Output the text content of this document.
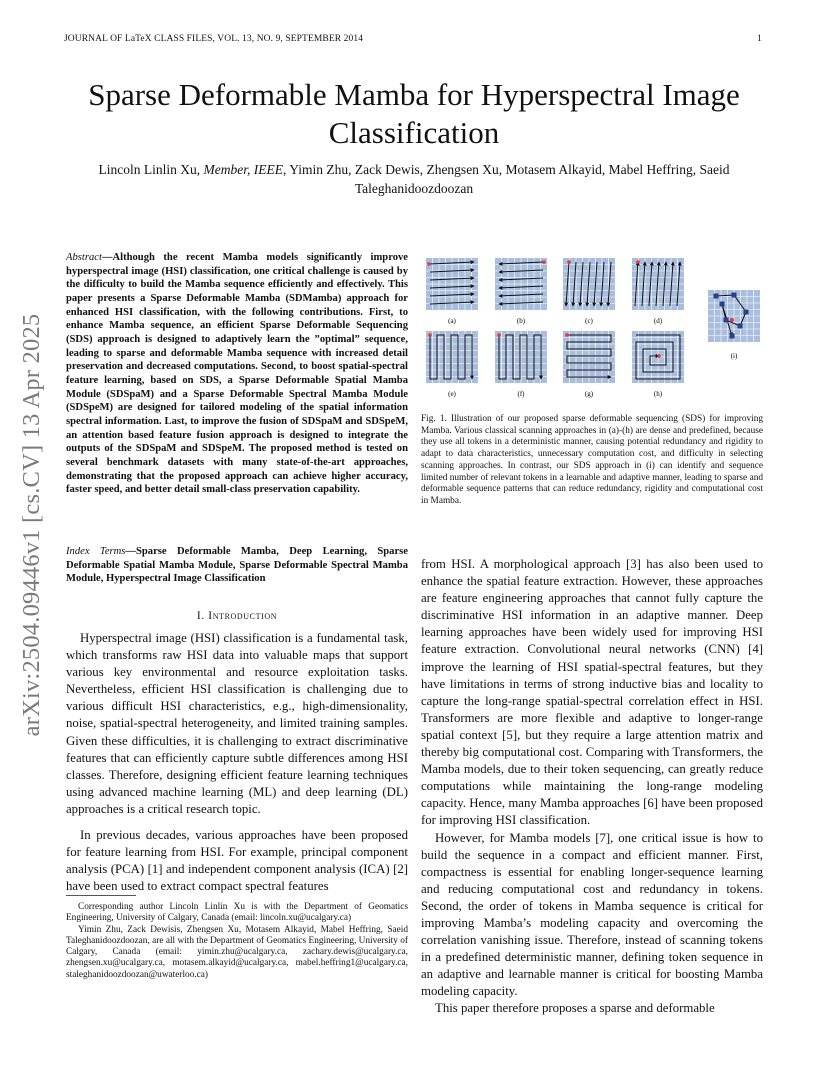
JOURNAL OF LaTeX CLASS FILES, VOL. 13, NO. 9, SEPTEMBER 2014	1
arXiv:2504.09446v1 [cs.CV] 13 Apr 2025
Sparse Deformable Mamba for Hyperspectral Image Classification
Lincoln Linlin Xu, Member, IEEE, Yimin Zhu, Zack Dewis, Zhengsen Xu, Motasem Alkayid, Mabel Heffring, Saeid Taleghanidoozdoozan
Abstract—Although the recent Mamba models significantly improve hyperspectral image (HSI) classification, one critical challenge is caused by the difficulty to build the Mamba sequence efficiently and effectively. This paper presents a Sparse Deformable Mamba (SDMamba) approach for enhanced HSI classification, with the following contributions. First, to enhance Mamba sequence, an efficient Sparse Deformable Sequencing (SDS) approach is designed to adaptively learn the ”optimal” sequence, leading to sparse and deformable Mamba sequence with increased detail preservation and decreased computations. Second, to boost spatial-spectral feature learning, based on SDS, a Sparse Deformable Spatial Mamba Module (SDSpaM) and a Sparse Deformable Spectral Mamba Module (SDSpeM) are designed for tailored modeling of the spatial information spectral information. Last, to improve the fusion of SDSpaM and SDSpeM, an attention based feature fusion approach is designed to integrate the outputs of the SDSpaM and SDSpeM. The proposed method is tested on several benchmark datasets with many state-of-the-art approaches, demonstrating that the proposed approach can achieve higher accuracy, faster speed, and better detail small-class preservation capability.
Index Terms—Sparse Deformable Mamba, Deep Learning, Sparse Deformable Spatial Mamba Module, Sparse Deformable Spectral Mamba Module, Hyperspectral Image Classification
I. Introduction

Hyperspectral image (HSI) classification is a fundamental task, which transforms raw HSI data into valuable maps that support various key environmental and resource exploitation tasks. Nevertheless, efficient HSI classification is challenging due to various difficult HSI characteristics, e.g., high-dimensionality, noise, spatial-spectral heterogeneity, and limited training samples. Given these difficulties, it is challenging to extract discriminative features that can efficiently capture subtle differences among HSI classes. Therefore, designing efficient feature learning techniques using advanced machine learning (ML) and deep learning (DL) approaches is a critical research topic.

In previous decades, various approaches have been proposed for feature learning from HSI. For example, principal component analysis (PCA) [1] and independent component analysis (ICA) [2] have been used to extract compact spectral features

Corresponding author Lincoln Linlin Xu is with the Department of Geomatics Engineering, University of Calgary, Canada (email: lincoln.xu@ucalgary.ca)

Yimin Zhu, Zack Dewisis, Zhengsen Xu, Motasem Alkayid, Mabel Heffring, Saeid Taleghanidoozdoozan, are all with the Department of Geomatics Engineering, University of Calgary, Canada (email: yimin.zhu@ucalgary.ca, zachary.dewis@ucalgary.ca, zhengsen.xu@ucalgary.ca, motasem.alkayid@ucalgary.ca, mabel.heffring1@ucalgary.ca, staleghanidoozdoozan@uwaterloo.ca)

(a)	(b)	(c)	(d)
(e)	(f)	(g)	(h)
(i)
Fig. 1. Illustration of our proposed sparse deformable sequencing (SDS) for improving Mamba. Various classical scanning approaches in (a)-(h) are dense and predefined, because they use all tokens in a deterministic manner, causing potential redundancy and rigidity to adapt to data characteristics, unnecessary computation cost, and difficulty in selecting scanning approaches. In contrast, our SDS approach in (i) can identify and sequence limited number of relevant tokens in a learnable and adaptive manner, leading to sparse and deformable sequence patterns that can reduce redundancy, rigidity and computational cost in Mamba.

from HSI. A morphological approach [3] has also been used to enhance the spatial feature extraction. However, these approaches are feature engineering approaches that cannot fully capture the discriminative HSI information in an adaptive manner. Deep learning approaches have been widely used for improving HSI feature extraction. Convolutional neural networks (CNN) [4] improve the learning of HSI spatial-spectral features, but they have limitations in terms of strong inductive bias and locality to capture the long-range spatial-spectral correlation effect in HSI. Transformers are more flexible and adaptive to longer-range spatial context [5], but they require a large attention matrix and thereby big computational cost. Comparing with Transformers, the Mamba models, due to their token sequencing, can greatly reduce computations while maintaining the long-range modeling capacity. Hence, many Mamba approaches [6] have been proposed for improving HSI classification.

However, for Mamba models [7], one critical issue is how to build the sequence in a compact and efficient manner. First, compactness is essential for enabling longer-sequence learning and reducing computational cost and redundancy in tokens. Second, the order of tokens in Mamba sequence is critical for improving Mamba’s modeling capacity and overcoming the correlation vanishing issue. Therefore, instead of scanning tokens in a predefined deterministic manner, defining token sequence in an adaptive and learnable manner is critical for boosting Mamba modeling capacity.

This paper therefore proposes a sparse and deformable
